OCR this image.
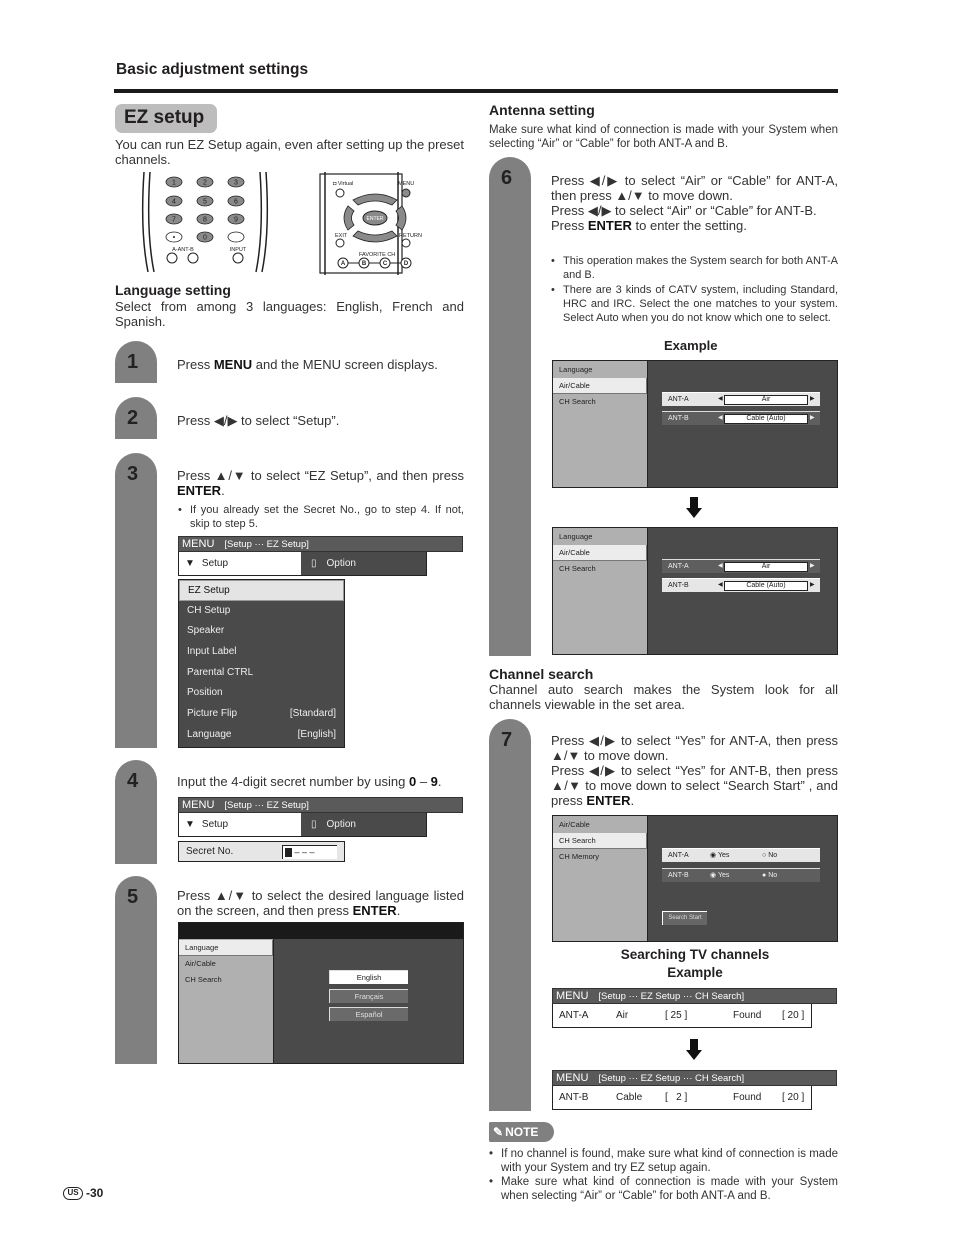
Basic adjustment settings
EZ setup
You can run EZ Setup again, even after setting up the preset channels.
1	2	3
4	5	6
7	8	9
•	0
A-ANT-B	INPUT
◘ Virtual	MENU
EXIT	RETURN
FAVORITE CH
ENTER
A	B	C	D
Language setting
Select from among 3 languages: English, French and Spanish.
1
2
3
4
5
Press MENU and the MENU screen displays.
Press ◀/▶ to select “Setup”.
Press ▲/▼ to select “EZ Setup”, and then press ENTER.
• If you already set the Secret No., go to step 4. If not, skip to step 5.
MENU [Setup ··· EZ Setup]
▼ Setup	▯ Option
EZ Setup
CH Setup
Speaker
Input Label
Parental CTRL
Position
Picture Flip	[Standard]
Language	[English]
Input the 4-digit secret number by using 0 – 9.
MENU [Setup ··· EZ Setup]
▼ Setup	▯ Option
Secret No.	– – –
Press ▲/▼ to select the desired language listed on the screen, and then press ENTER.
Language
Air/Cable
CH Search	English
Français
Español
Antenna setting
Make sure what kind of connection is made with your System when selecting “Air” or “Cable” for both ANT-A and B.
6
7
Press ◀/▶ to select “Air” or “Cable” for ANT-A, then press ▲/▼ to move down.
Press ◀/▶ to select “Air” or “Cable” for ANT-B.
Press ENTER to enter the setting.
• This operation makes the System search for both ANT-A and B.
• There are 3 kinds of CATV system, including Standard, HRC and IRC. Select the one matches to your system. Select Auto when you do not know which one to select.
Example
Language
Air/Cable
CH Search	ANT-A	◀	Air	▶
ANT-B	◀	Cable (Auto)	▶
Language
Air/Cable
CH Search	ANT-A	◀	Air	▶
ANT-B	◀	Cable (Auto)	▶
Channel search
Channel auto search makes the System look for all channels viewable in the set area.
Press ◀/▶ to select “Yes” for ANT-A, then press ▲/▼ to move down.
Press ◀/▶ to select “Yes” for ANT-B, then press ▲/▼ to move down to select “Search Start” , and press ENTER.
Air/Cable
CH Search
CH Memory	ANT-A	◉ Yes	○ No
ANT-B	◉ Yes	● No
Search Start
Searching TV channels
Example
MENU [Setup ··· EZ Setup ··· CH Search]
ANT-A	Air	[ 25 ]	Found [ 20 ]
MENU [Setup ··· EZ Setup ··· CH Search]
ANT-B	Cable [   2 ]	Found [ 20 ]
✎ NOTE
• If no channel is found, make sure what kind of connection is made with your System and try EZ setup again.
• Make sure what kind of connection is made with your System when selecting “Air” or “Cable” for both ANT-A and B.
US -30
